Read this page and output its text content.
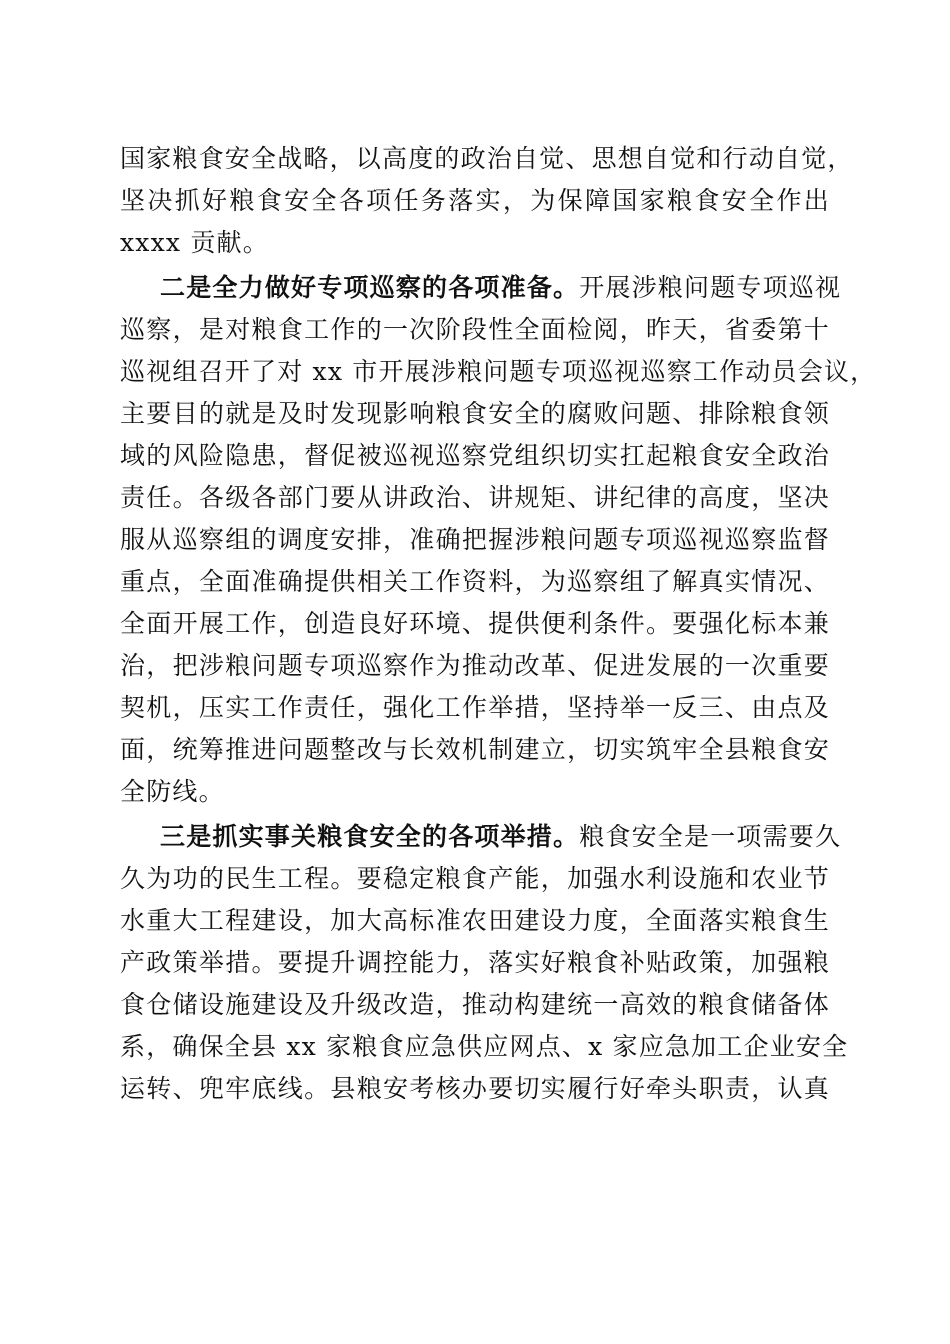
国家粮食安全战略，以高度的政治自觉、思想自觉和行动自觉，
坚决抓好粮食安全各项任务落实，为保障国家粮食安全作出
xxxx 贡献。
二是全力做好专项巡察的各项准备。开展涉粮问题专项巡视
巡察，是对粮食工作的一次阶段性全面检阅，昨天，省委第十
巡视组召开了对 xx 市开展涉粮问题专项巡视巡察工作动员会议，
主要目的就是及时发现影响粮食安全的腐败问题、排除粮食领
域的风险隐患，督促被巡视巡察党组织切实扛起粮食安全政治
责任。各级各部门要从讲政治、讲规矩、讲纪律的高度，坚决
服从巡察组的调度安排，准确把握涉粮问题专项巡视巡察监督
重点，全面准确提供相关工作资料，为巡察组了解真实情况、
全面开展工作，创造良好环境、提供便利条件。要强化标本兼
治，把涉粮问题专项巡察作为推动改革、促进发展的一次重要
契机，压实工作责任，强化工作举措，坚持举一反三、由点及
面，统筹推进问题整改与长效机制建立，切实筑牢全县粮食安
全防线。
三是抓实事关粮食安全的各项举措。粮食安全是一项需要久
久为功的民生工程。要稳定粮食产能，加强水利设施和农业节
水重大工程建设，加大高标准农田建设力度，全面落实粮食生
产政策举措。要提升调控能力，落实好粮食补贴政策，加强粮
食仓储设施建设及升级改造，推动构建统一高效的粮食储备体
系，确保全县 xx 家粮食应急供应网点、x 家应急加工企业安全
运转、兜牢底线。县粮安考核办要切实履行好牵头职责，认真
